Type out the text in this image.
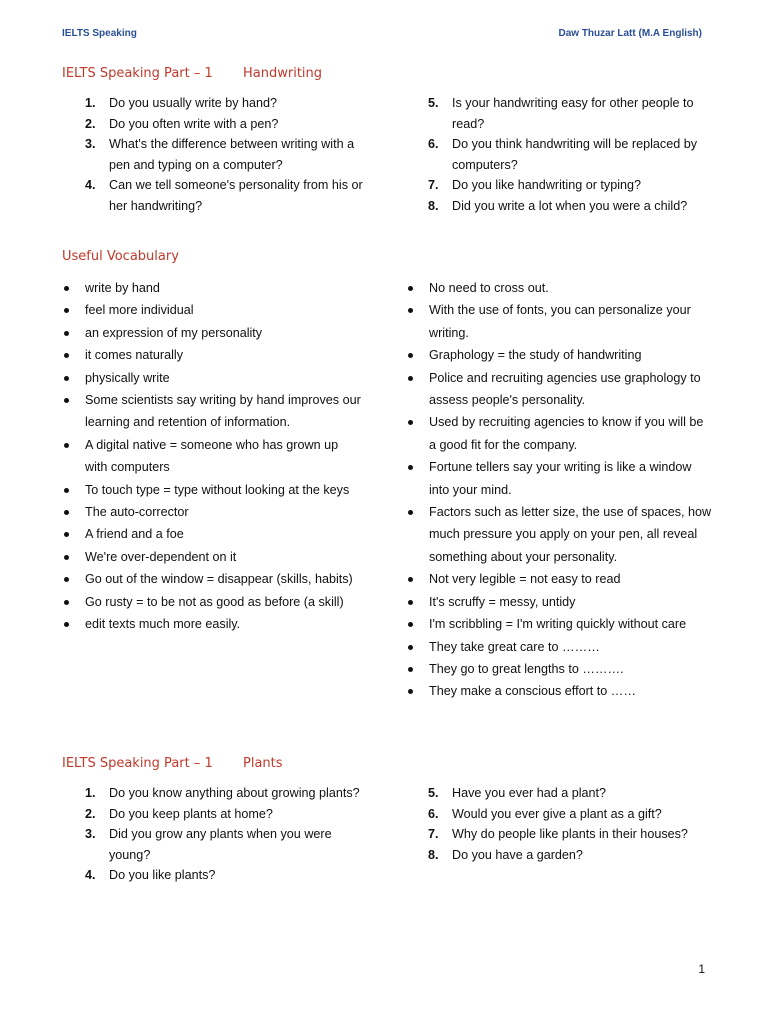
IELTS Speaking	Daw Thuzar Latt (M.A English)
IELTS Speaking Part – 1 Handwriting
1. Do you usually write by hand?
2. Do you often write with a pen?
3. What's the difference between writing with a pen and typing on a computer?
4. Can we tell someone's personality from his or her handwriting?
5. Is your handwriting easy for other people to read?
6. Do you think handwriting will be replaced by computers?
7. Do you like handwriting or typing?
8. Did you write a lot when you were a child?
Useful Vocabulary
write by hand
feel more individual
an expression of my personality
it comes naturally
physically write
Some scientists say writing by hand improves our learning and retention of information.
A digital native = someone who has grown up with computers
To touch type = type without looking at the keys
The auto-corrector
A friend and a foe
We're over-dependent on it
Go out of the window = disappear (skills, habits)
Go rusty = to be not as good as before (a skill)
edit texts much more easily.
No need to cross out.
With the use of fonts, you can personalize your writing.
Graphology = the study of handwriting
Police and recruiting agencies use graphology to assess people's personality.
Used by recruiting agencies to know if you will be a good fit for the company.
Fortune tellers say your writing is like a window into your mind.
Factors such as letter size, the use of spaces, how much pressure you apply on your pen, all reveal something about your personality.
Not very legible = not easy to read
It's scruffy = messy, untidy
I'm scribbling = I'm writing quickly without care
They take great care to ………
They go to great lengths to ……….
They make a conscious effort to ……
IELTS Speaking Part – 1 Plants
1. Do you know anything about growing plants?
2. Do you keep plants at home?
3. Did you grow any plants when you were young?
4. Do you like plants?
5. Have you ever had a plant?
6. Would you ever give a plant as a gift?
7. Why do people like plants in their houses?
8. Do you have a garden?
1
